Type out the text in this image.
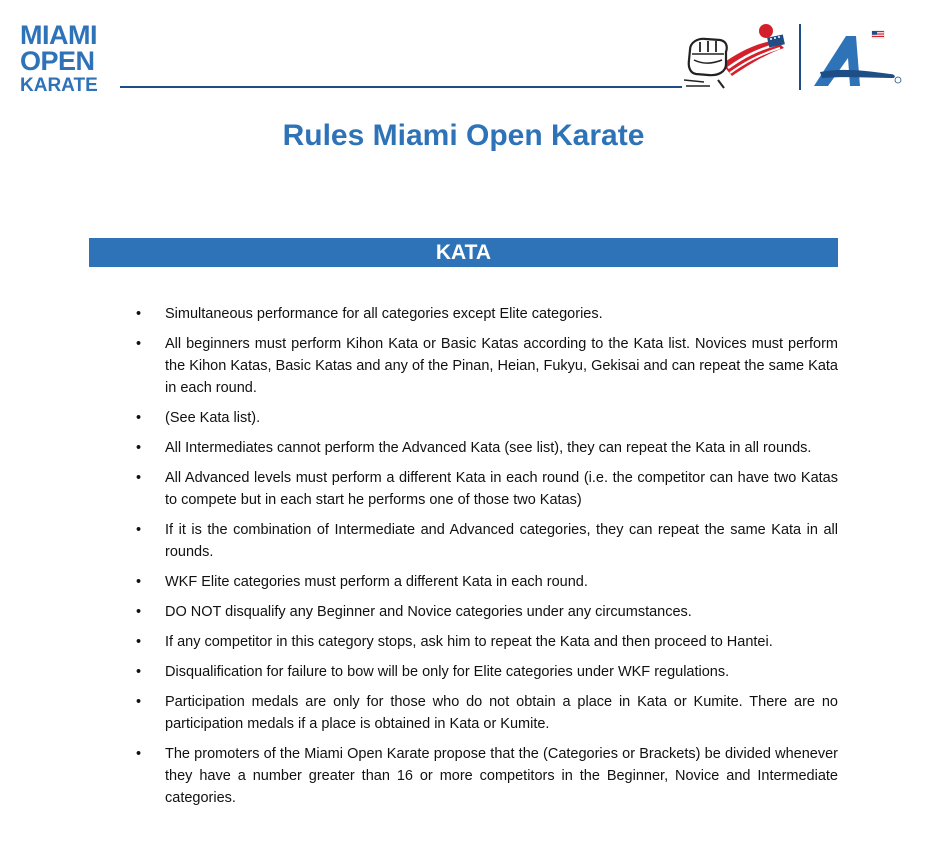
MIAMI
OPEN
KARATE
Rules Miami Open Karate
KATA
• Simultaneous performance for all categories except Elite categories.
• All beginners must perform Kihon Kata or Basic Katas according to the Kata list. Novices must perform the Kihon Katas, Basic Katas and any of the Pinan, Heian, Fukyu, Gekisai and can repeat the same Kata in each round.
• (See Kata list).
• All Intermediates cannot perform the Advanced Kata (see list), they can repeat the Kata in all rounds.
• All Advanced levels must perform a different Kata in each round (i.e. the competitor can have two Katas to compete but in each start he performs one of those two Katas)
• If it is the combination of Intermediate and Advanced categories, they can repeat the same Kata in all rounds.
• WKF Elite categories must perform a different Kata in each round.
• DO NOT disqualify any Beginner and Novice categories under any circumstances.
• If any competitor in this category stops, ask him to repeat the Kata and then proceed to Hantei.
• Disqualification for failure to bow will be only for Elite categories under WKF regulations.
• Participation medals are only for those who do not obtain a place in Kata or Kumite. There are no participation medals if a place is obtained in Kata or Kumite.
• The promoters of the Miami Open Karate propose that the (Categories or Brackets) be divided whenever they have a number greater than 16 or more competitors in the Beginner, Novice and Intermediate categories.
